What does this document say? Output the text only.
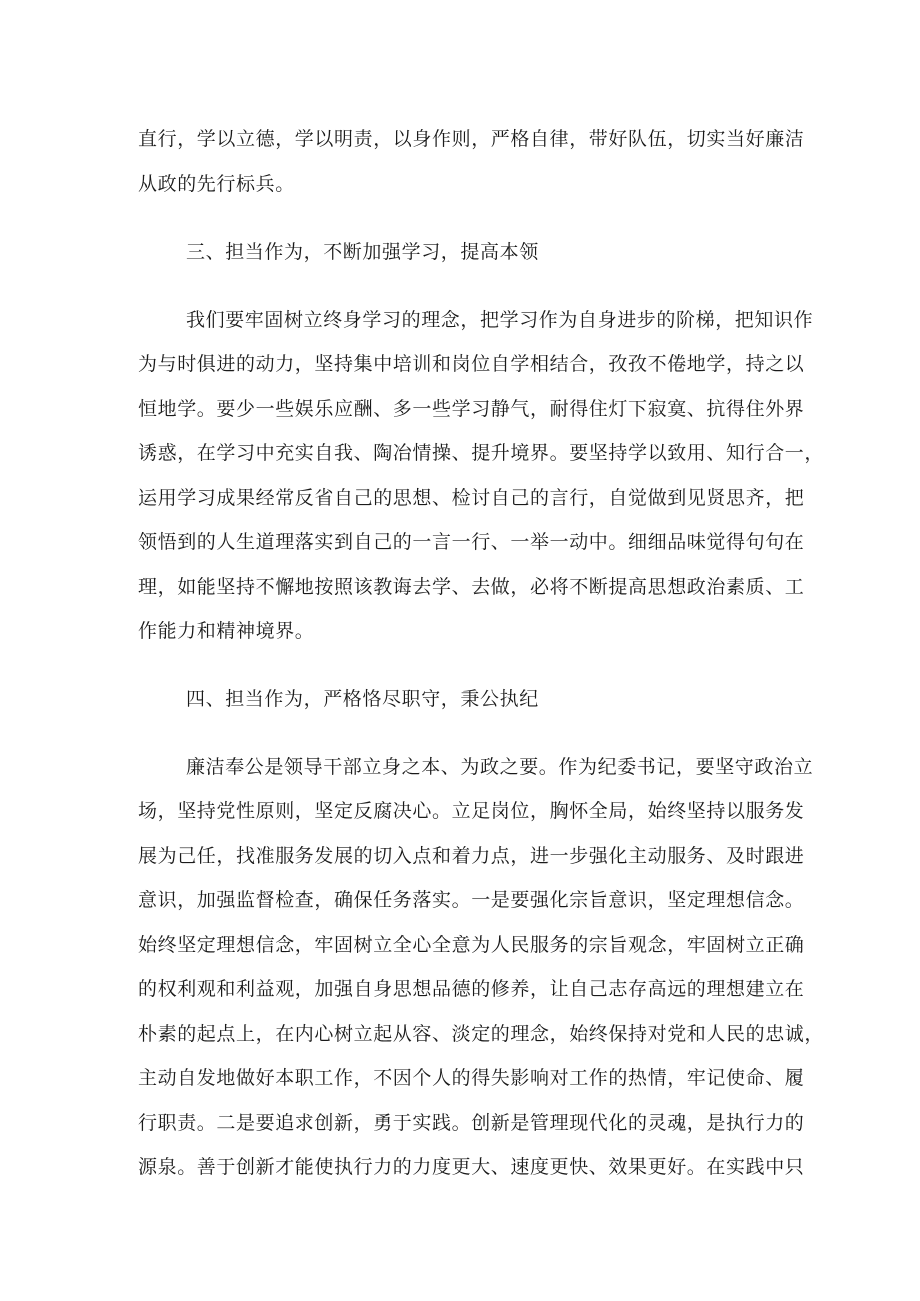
直行，学以立德，学以明责，以身作则，严格自律，带好队伍，切实当好廉洁
从政的先行标兵。
三、担当作为，不断加强学习，提高本领
我们要牢固树立终身学习的理念，把学习作为自身进步的阶梯，把知识作
为与时俱进的动力，坚持集中培训和岗位自学相结合，孜孜不倦地学，持之以
恒地学。要少一些娱乐应酬、多一些学习静气，耐得住灯下寂寞、抗得住外界
诱惑，在学习中充实自我、陶冶情操、提升境界。要坚持学以致用、知行合一，
运用学习成果经常反省自己的思想、检讨自己的言行，自觉做到见贤思齐，把
领悟到的人生道理落实到自己的一言一行、一举一动中。细细品味觉得句句在
理，如能坚持不懈地按照该教诲去学、去做，必将不断提高思想政治素质、工
作能力和精神境界。
四、担当作为，严格恪尽职守，秉公执纪
廉洁奉公是领导干部立身之本、为政之要。作为纪委书记，要坚守政治立
场，坚持党性原则，坚定反腐决心。立足岗位，胸怀全局，始终坚持以服务发
展为己任，找准服务发展的切入点和着力点，进一步强化主动服务、及时跟进
意识，加强监督检查，确保任务落实。一是要强化宗旨意识，坚定理想信念。
始终坚定理想信念，牢固树立全心全意为人民服务的宗旨观念，牢固树立正确
的权利观和利益观，加强自身思想品德的修养，让自己志存高远的理想建立在
朴素的起点上，在内心树立起从容、淡定的理念，始终保持对党和人民的忠诚，
主动自发地做好本职工作，不因个人的得失影响对工作的热情，牢记使命、履
行职责。二是要追求创新，勇于实践。创新是管理现代化的灵魂，是执行力的
源泉。善于创新才能使执行力的力度更大、速度更快、效果更好。在实践中只
